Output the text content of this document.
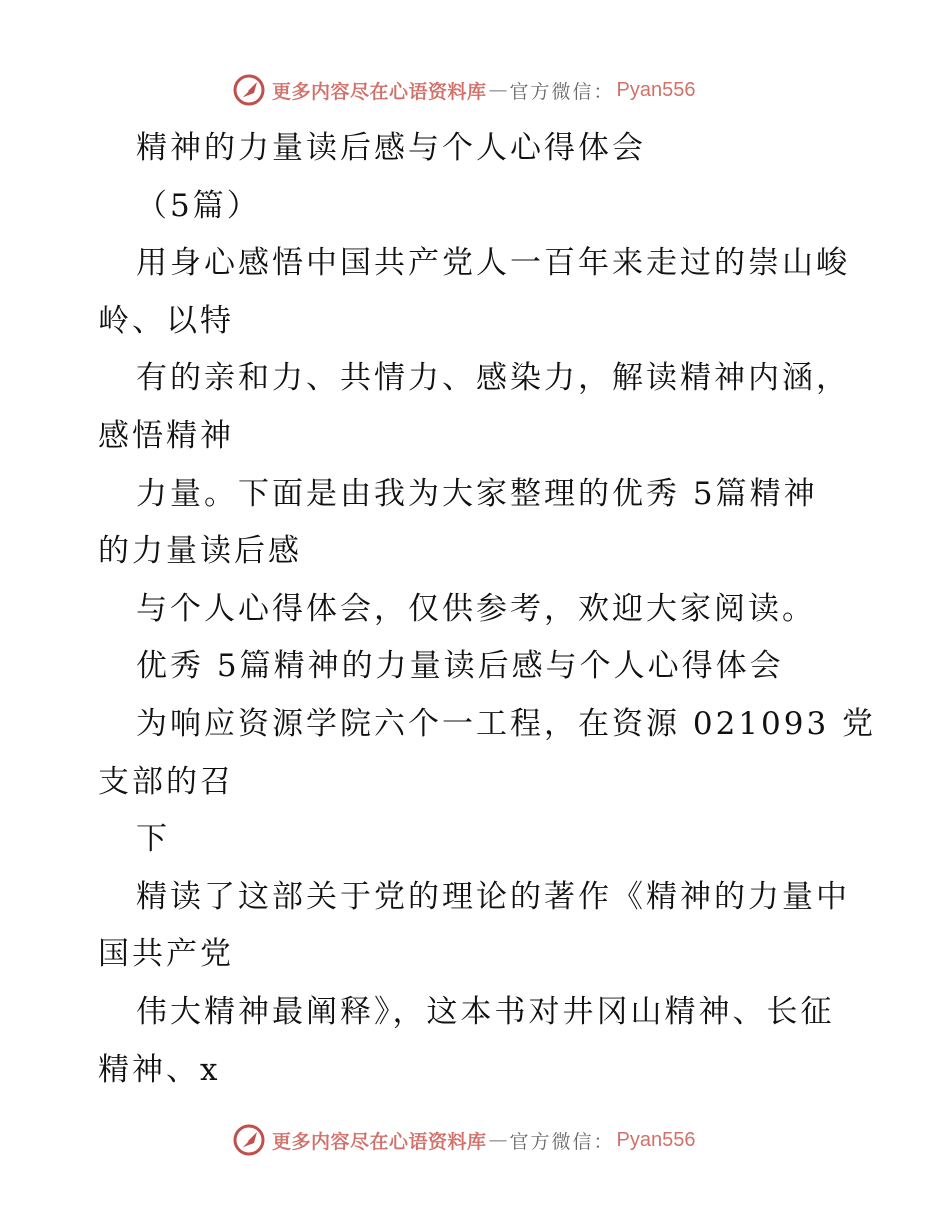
更多内容尽在心语资料库 — 官方微信： Pyan556
精神的力量读后感与个人心得体会
（5篇）
用身心感悟中国共产党人一百年来走过的崇山峻
岭、以特
有的亲和力、共情力、感染力，解读精神内涵，
感悟精神
力量。下面是由我为大家整理的优秀 5篇精神
的力量读后感
与个人心得体会，仅供参考，欢迎大家阅读。
优秀 5篇精神的力量读后感与个人心得体会
为响应资源学院六个一工程，在资源 021093 党
支部的召
下
精读了这部关于党的理论的著作《精神的力量中
国共产党
伟大精神最阐释》，这本书对井冈山精神、长征
精神、x
更多内容尽在心语资料库 — 官方微信： Pyan556
